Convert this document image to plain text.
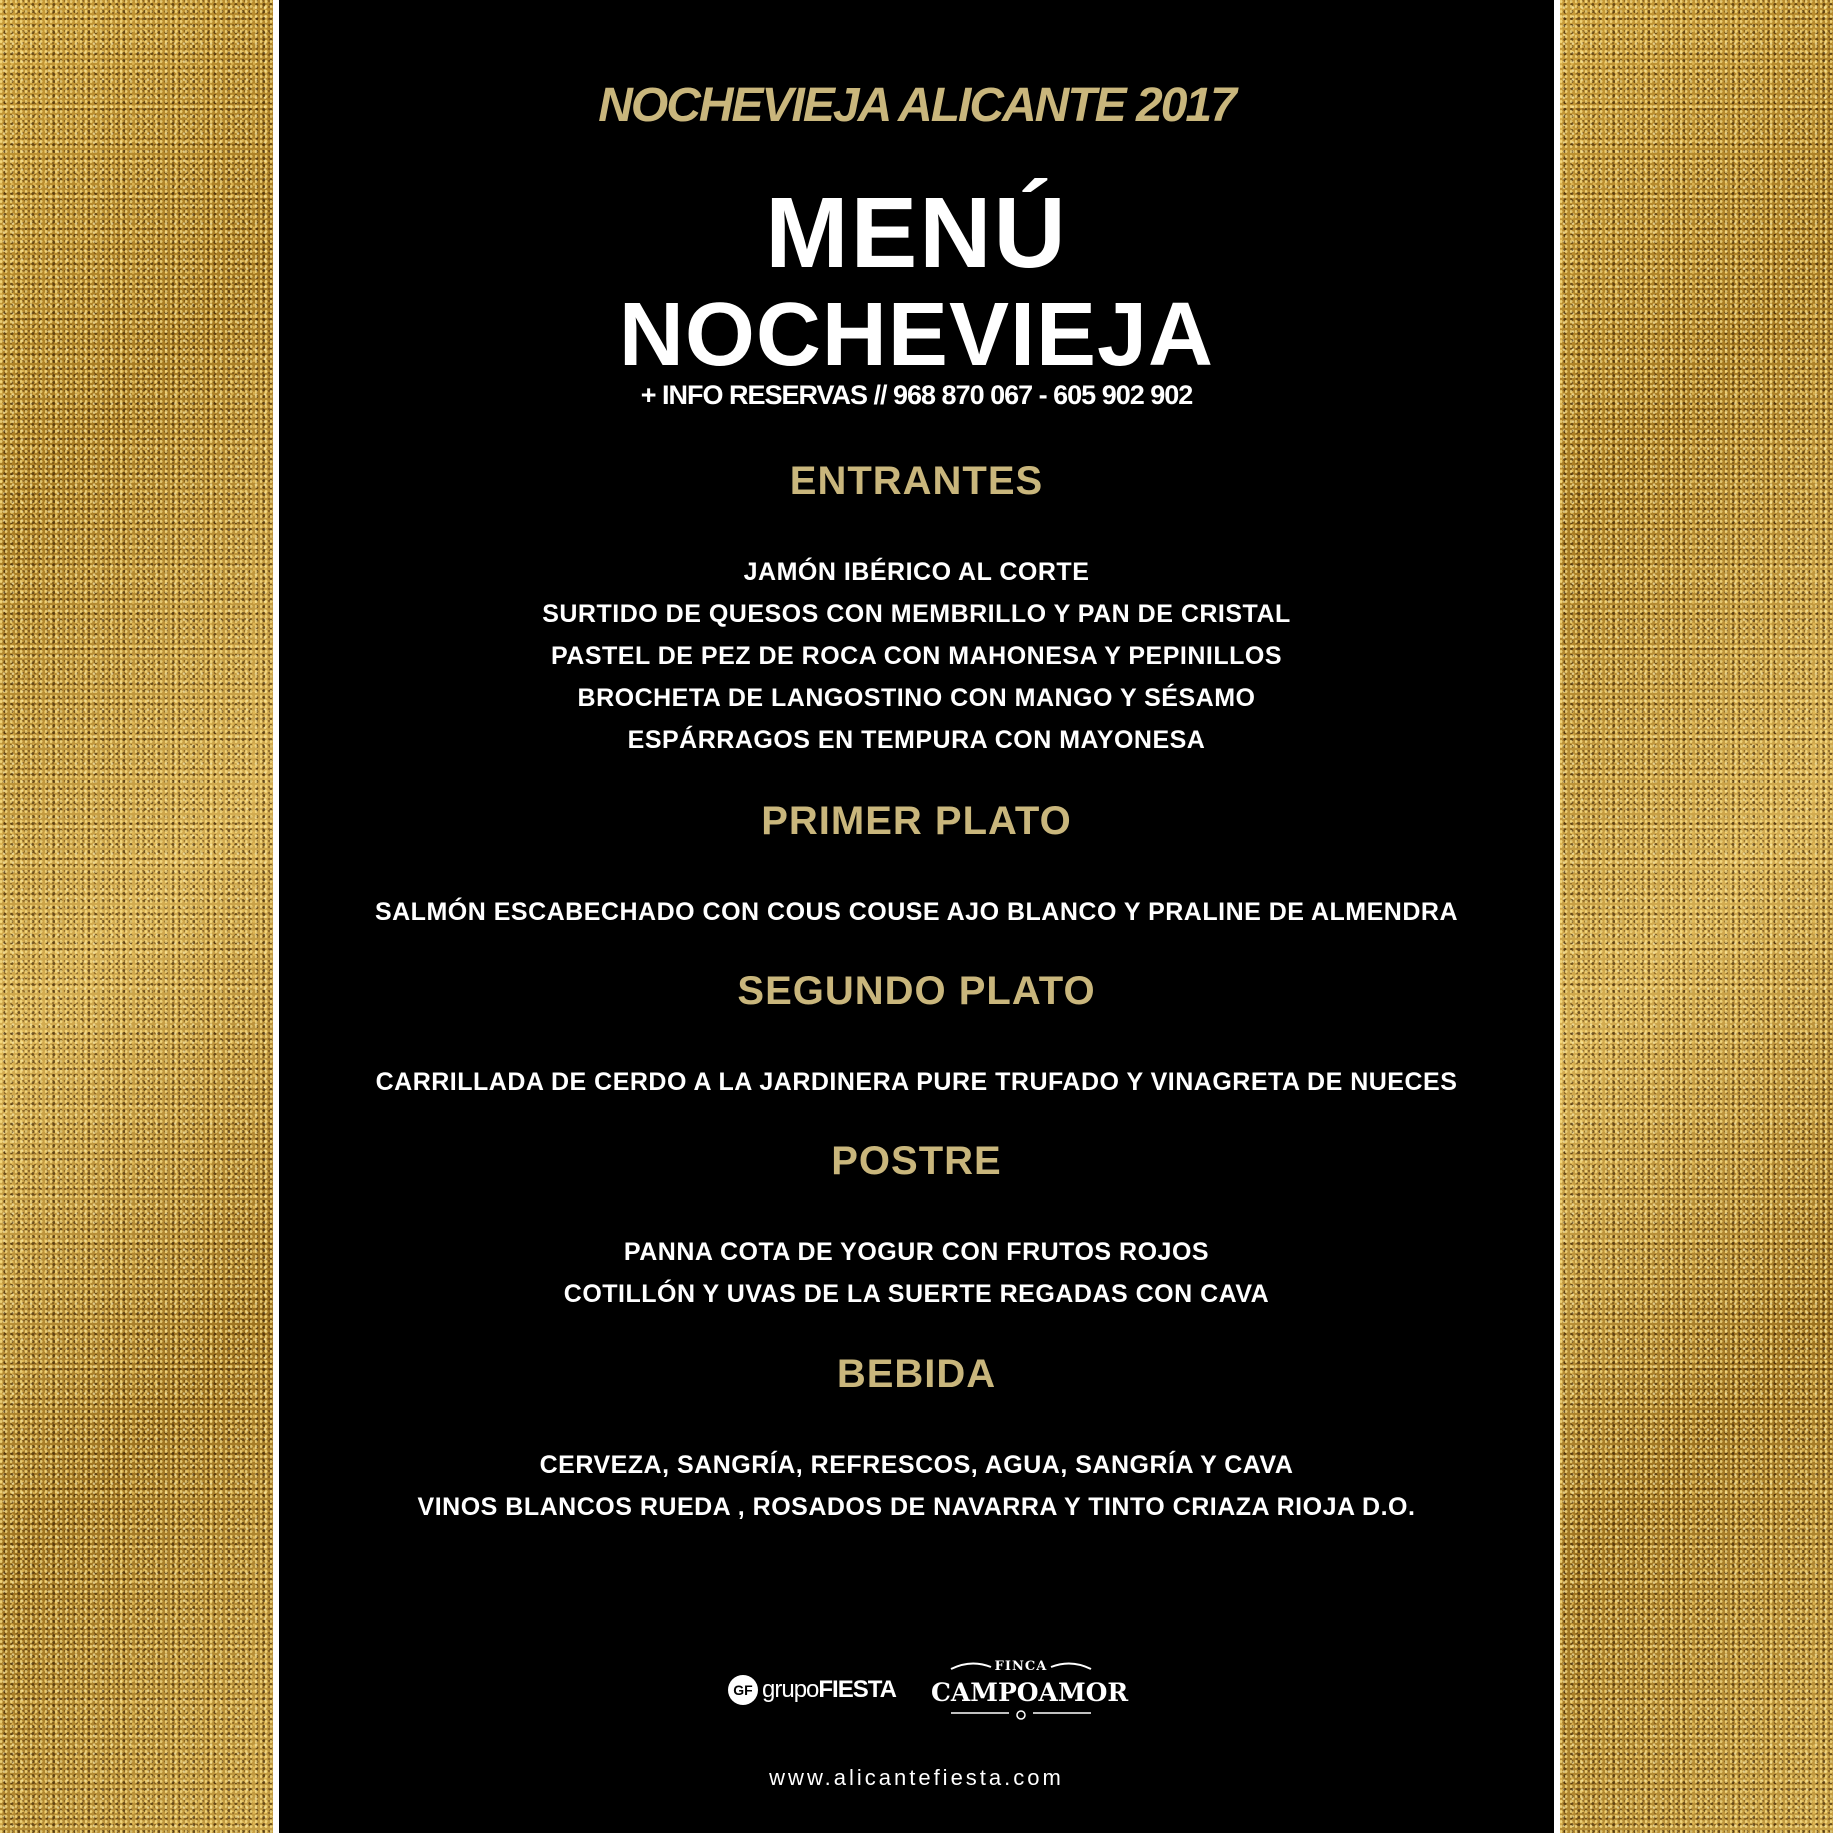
NOCHEVIEJA ALICANTE 2017
MENÚ
NOCHEVIEJA
+ INFO RESERVAS // 968 870 067 - 605 902 902
ENTRANTES
JAMÓN IBÉRICO AL CORTE
SURTIDO DE QUESOS CON MEMBRILLO Y PAN DE CRISTAL
PASTEL DE PEZ DE ROCA CON MAHONESA Y PEPINILLOS
BROCHETA DE LANGOSTINO CON MANGO Y SÉSAMO
ESPÁRRAGOS EN TEMPURA CON MAYONESA
PRIMER PLATO
SALMÓN ESCABECHADO CON COUS COUSE AJO BLANCO Y PRALINE DE ALMENDRA
SEGUNDO PLATO
CARRILLADA DE CERDO A LA JARDINERA PURE TRUFADO Y VINAGRETA DE NUECES
POSTRE
PANNA COTA DE YOGUR CON FRUTOS ROJOS
COTILLÓN Y UVAS DE LA SUERTE REGADAS CON CAVA
BEBIDA
CERVEZA, SANGRÍA, REFRESCOS, AGUA, SANGRÍA Y CAVA
VINOS BLANCOS RUEDA , ROSADOS DE NAVARRA Y TINTO CRIAZA RIOJA D.O.
GF grupo FIESTA
FINCA
CAMPOAMOR
www.alicantefiesta.com
